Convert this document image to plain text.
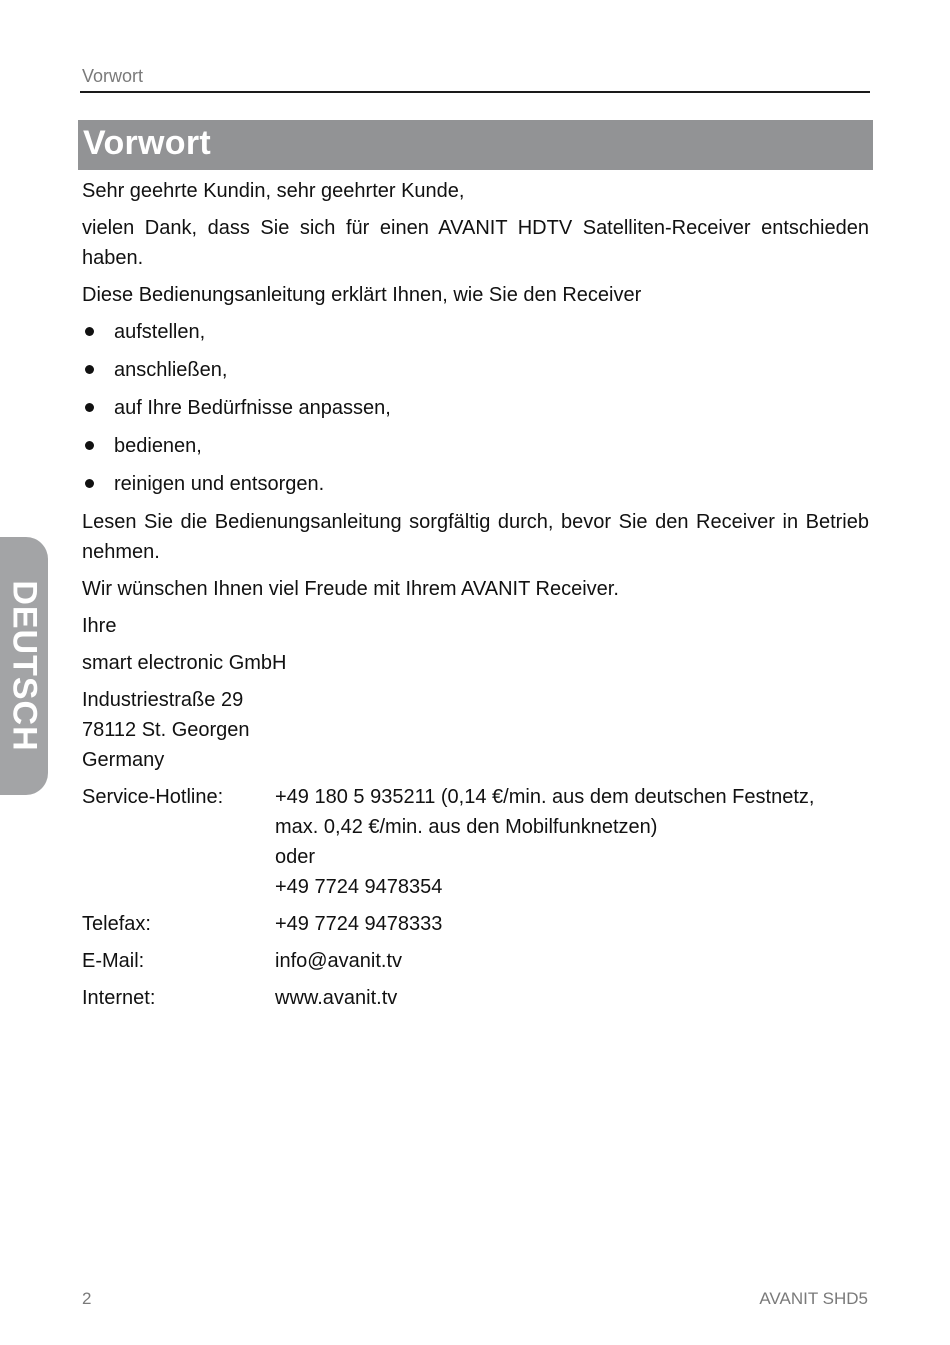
Vorwort
Vorwort

Sehr geehrte Kundin, sehr geehrter Kunde,

vielen Dank, dass Sie sich für einen AVANIT HDTV Satelliten-Receiver entschieden haben.

Diese Bedienungsanleitung erklärt Ihnen, wie Sie den Receiver

aufstellen,
anschließen,
auf Ihre Bedürfnisse anpassen,
bedienen,
reinigen und entsorgen.

Lesen Sie die Bedienungsanleitung sorgfältig durch, bevor Sie den Receiver in Betrieb nehmen.

Wir wünschen Ihnen viel Freude mit Ihrem AVANIT Receiver.

Ihre

smart electronic GmbH

Industriestraße 29
78112 St. Georgen
Germany
Service-Hotline:	+49 180 5 935211 (0,14 €/min. aus dem deutschen Festnetz,
max. 0,42 €/min. aus den Mobilfunknetzen)
oder
+49 7724 9478354
Telefax:	+49 7724 9478333
E-Mail:	info@avanit.tv
Internet:	www.avanit.tv
DEUTSCH
2	AVANIT SHD5
